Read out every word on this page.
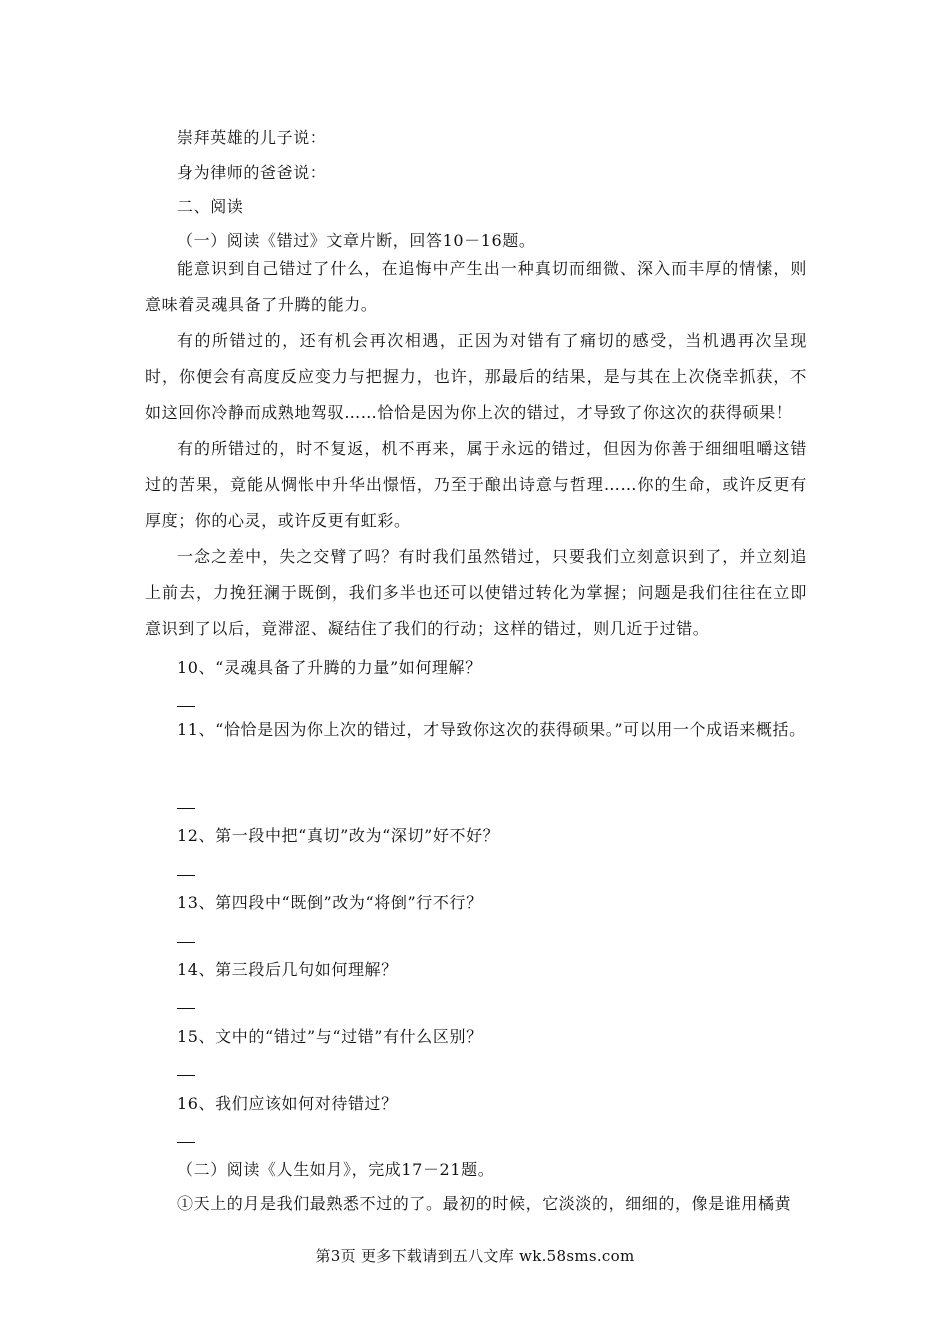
崇拜英雄的儿子说：
身为律师的爸爸说：
二、阅读
（一）阅读《错过》文章片断，回答10－16题。
能意识到自己错过了什么，在追悔中产生出一种真切而细微、深入而丰厚的情愫，则意味着灵魂具备了升腾的能力。
有的所错过的，还有机会再次相遇，正因为对错有了痛切的感受，当机遇再次呈现时，你便会有高度反应变力与把握力，也许，那最后的结果，是与其在上次侥幸抓获，不如这回你冷静而成熟地驾驭……恰恰是因为你上次的错过，才导致了你这次的获得硕果！
有的所错过的，时不复返，机不再来，属于永远的错过，但因为你善于细细咀嚼这错过的苦果，竟能从惆怅中升华出憬悟，乃至于酿出诗意与哲理……你的生命，或许反更有厚度；你的心灵，或许反更有虹彩。
一念之差中，失之交臂了吗？有时我们虽然错过，只要我们立刻意识到了，并立刻追上前去，力挽狂澜于既倒，我们多半也还可以使错过转化为掌握；问题是我们往往在立即意识到了以后，竟滞涩、凝结住了我们的行动；这样的错过，则几近于过错。
10、“灵魂具备了升腾的力量”如何理解？
11、“恰恰是因为你上次的错过，才导致你这次的获得硕果。”可以用一个成语来概括。
12、第一段中把“真切”改为“深切”好不好？
13、第四段中“既倒”改为“将倒”行不行？
14、第三段后几句如何理解？
15、文中的“错过”与“过错”有什么区别？
16、我们应该如何对待错过？
（二）阅读《人生如月》，完成17－21题。
①天上的月是我们最熟悉不过的了。最初的时候，它淡淡的，细细的，像是谁用橘黄
第3页 更多下载请到五八文库 wk.58sms.com
